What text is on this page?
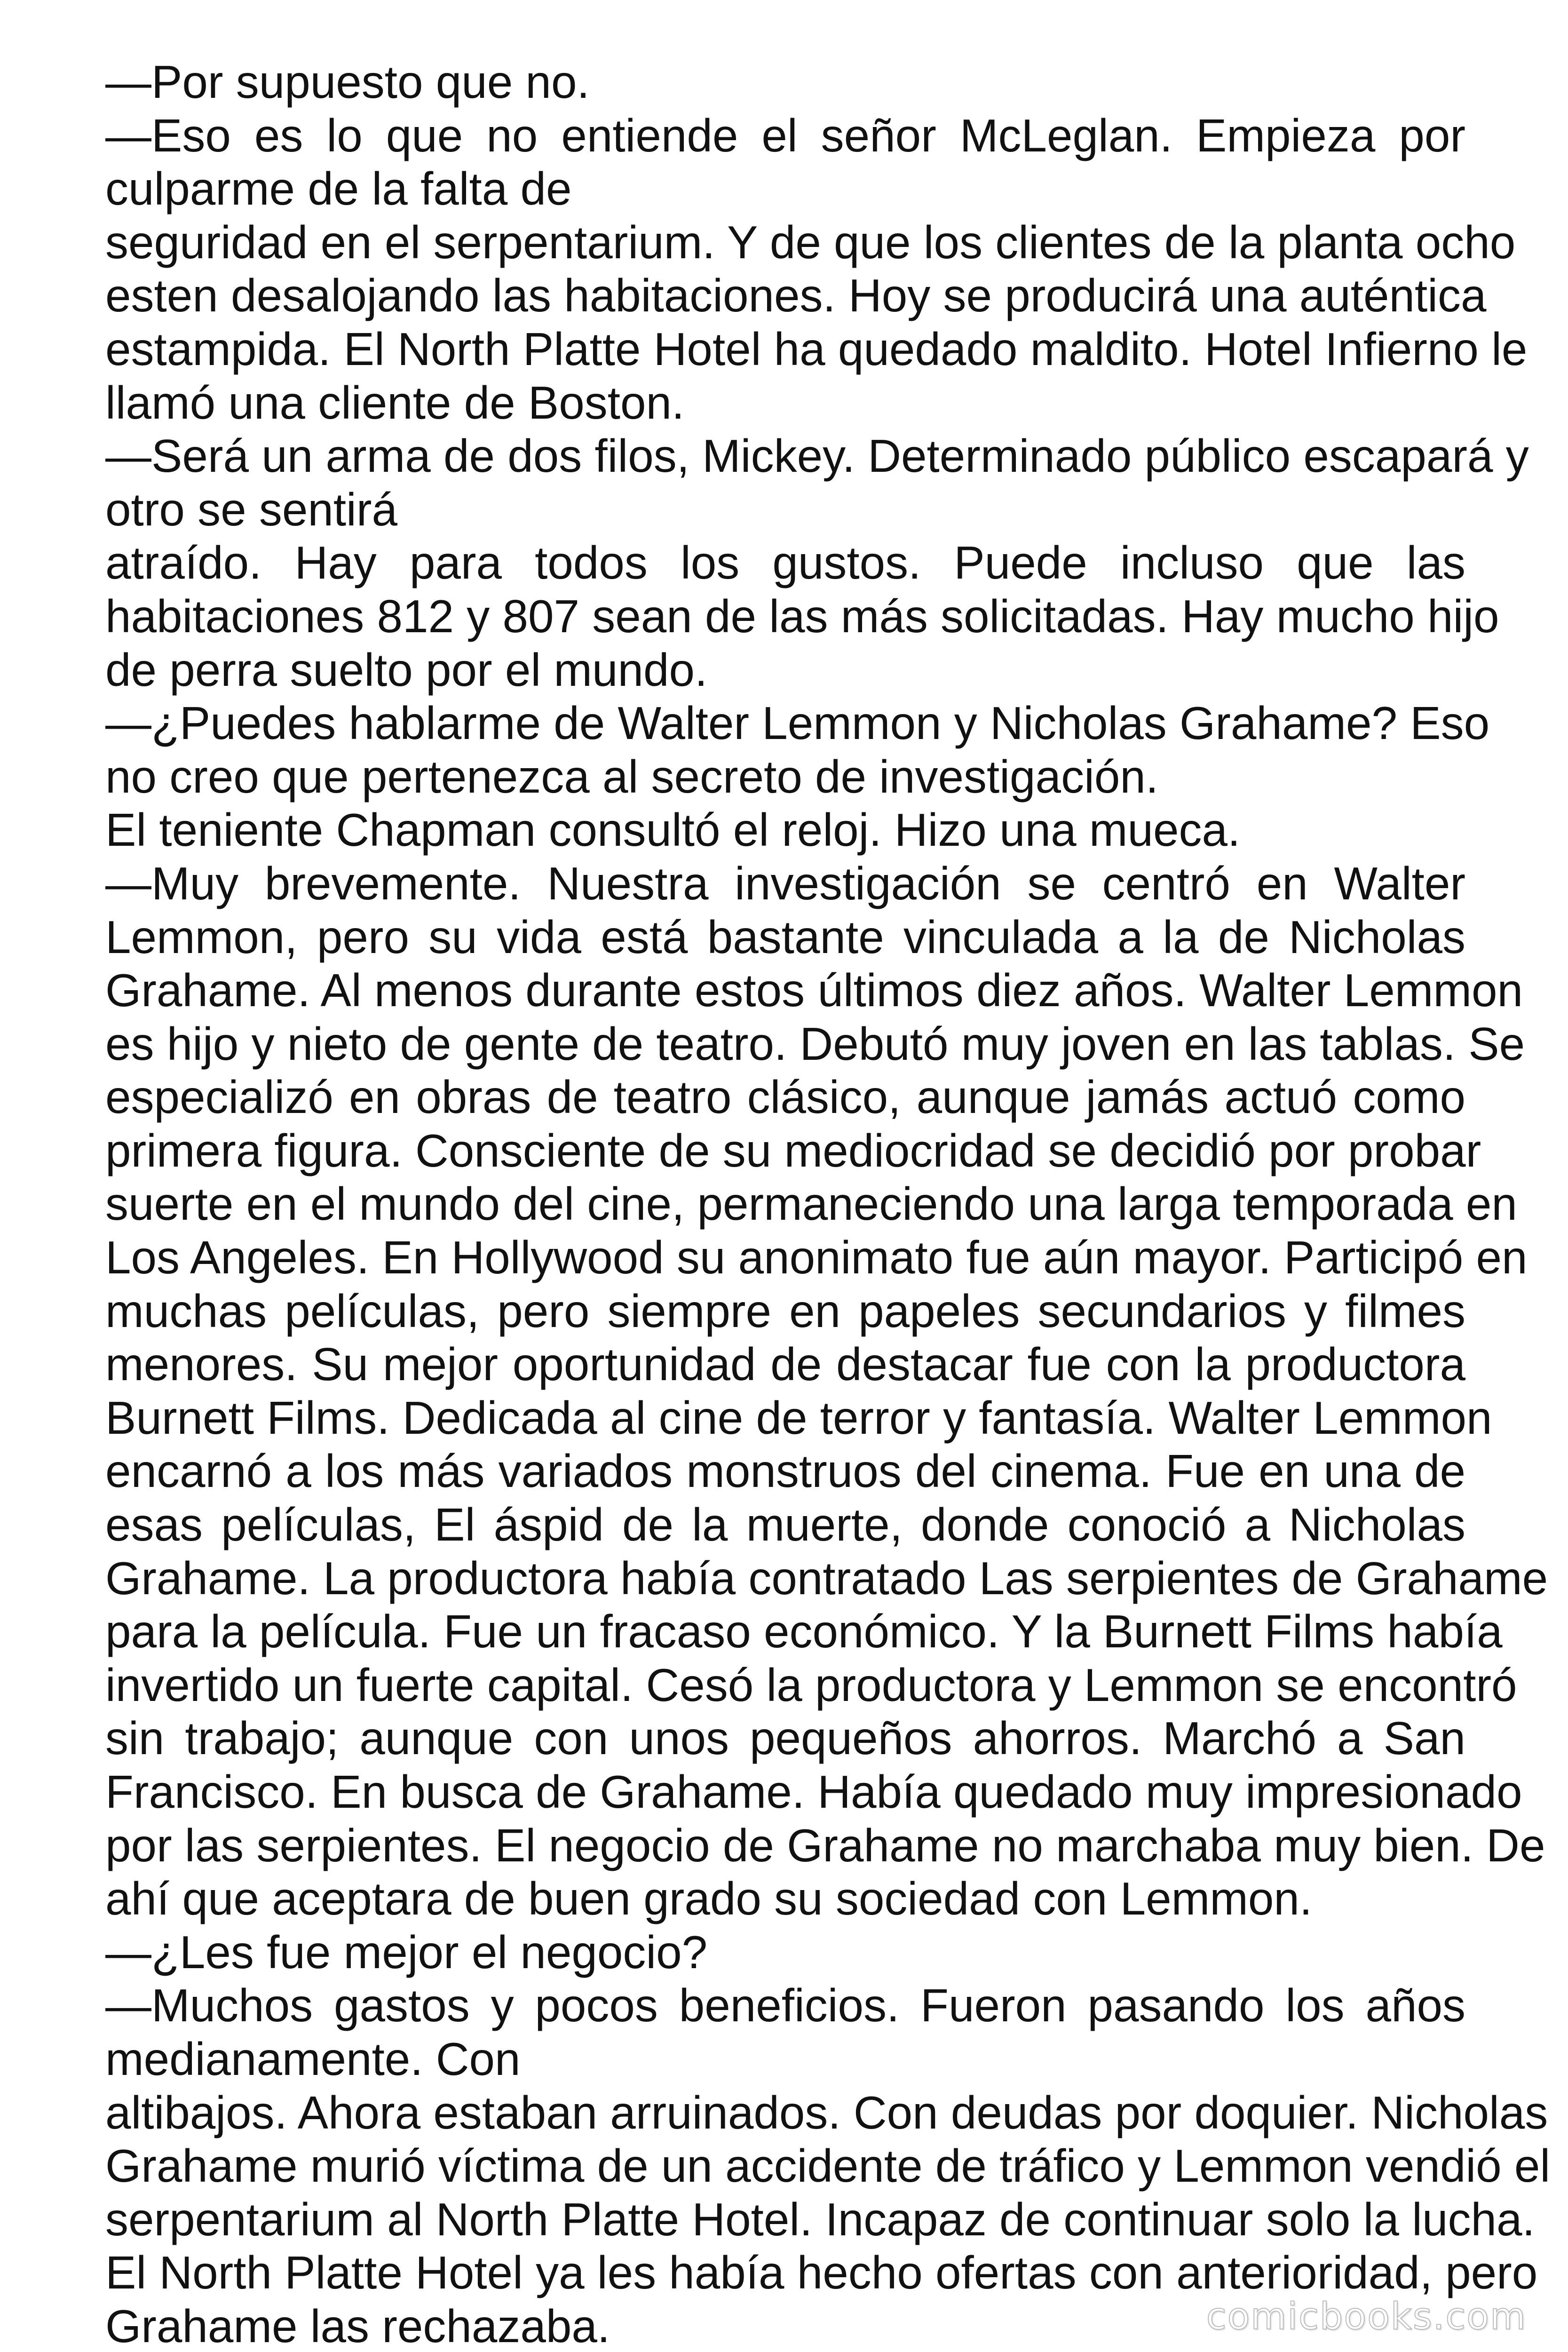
—Por supuesto que no.
—Eso es lo que no entiende el señor McLeglan. Empieza por
culparme de la falta de
seguridad en el serpentarium. Y de que los clientes de la planta ocho
esten desalojando las habitaciones. Hoy se producirá una auténtica
estampida. El North Platte Hotel ha quedado maldito. Hotel Infierno le
llamó una cliente de Boston.
—Será un arma de dos filos, Mickey. Determinado público escapará y
otro se sentirá
atraído. Hay para todos los gustos. Puede incluso que las
habitaciones 812 y 807 sean de las más solicitadas. Hay mucho hijo
de perra suelto por el mundo.
—¿Puedes hablarme de Walter Lemmon y Nicholas Grahame? Eso
no creo que pertenezca al secreto de investigación.
El teniente Chapman consultó el reloj. Hizo una mueca.
—Muy brevemente. Nuestra investigación se centró en Walter
Lemmon, pero su vida está bastante vinculada a la de Nicholas
Grahame. Al menos durante estos últimos diez años. Walter Lemmon
es hijo y nieto de gente de teatro. Debutó muy joven en las tablas. Se
especializó en obras de teatro clásico, aunque jamás actuó como
primera figura. Consciente de su mediocridad se decidió por probar
suerte en el mundo del cine, permaneciendo una larga temporada en
Los Angeles. En Hollywood su anonimato fue aún mayor. Participó en
muchas películas, pero siempre en papeles secundarios y filmes
menores. Su mejor oportunidad de destacar fue con la productora
Burnett Films. Dedicada al cine de terror y fantasía. Walter Lemmon
encarnó a los más variados monstruos del cinema. Fue en una de
esas películas, El áspid de la muerte, donde conoció a Nicholas
Grahame. La productora había contratado Las serpientes de Grahame
para la película. Fue un fracaso económico. Y la Burnett Films había
invertido un fuerte capital. Cesó la productora y Lemmon se encontró
sin trabajo; aunque con unos pequeños ahorros. Marchó a San
Francisco. En busca de Grahame. Había quedado muy impresionado
por las serpientes. El negocio de Grahame no marchaba muy bien. De
ahí que aceptara de buen grado su sociedad con Lemmon.
—¿Les fue mejor el negocio?
—Muchos gastos y pocos beneficios. Fueron pasando los años
medianamente. Con
altibajos. Ahora estaban arruinados. Con deudas por doquier. Nicholas
Grahame murió víctima de un accidente de tráfico y Lemmon vendió el
serpentarium al North Platte Hotel. Incapaz de continuar solo la lucha.
El North Platte Hotel ya les había hecho ofertas con anterioridad, pero
Grahame las rechazaba.	comicbooks.com
